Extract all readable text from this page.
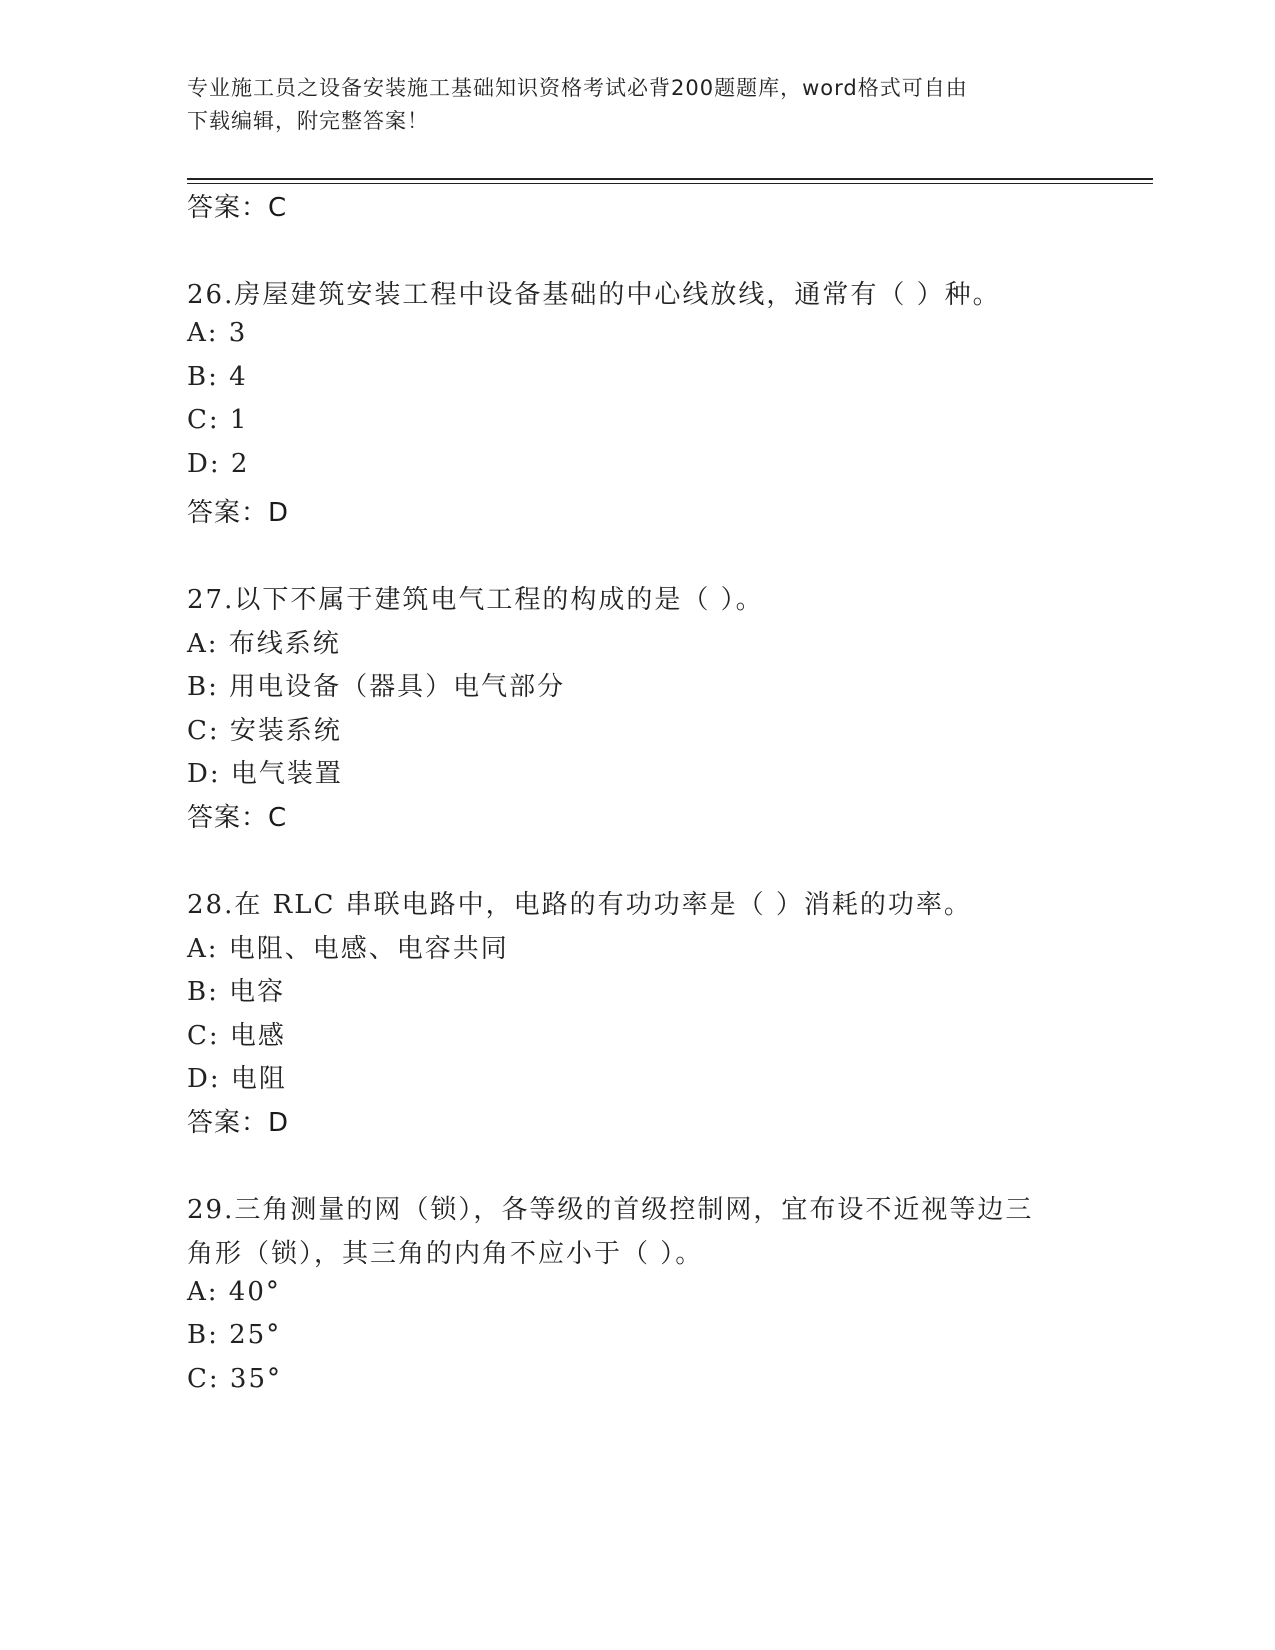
专业施工员之设备安装施工基础知识资格考试必背200题题库，word格式可自由
下载编辑，附完整答案！
答案：C
26.房屋建筑安装工程中设备基础的中心线放线，通常有（ ）种。
A: 3
B: 4
C: 1
D: 2
答案：D
27.以下不属于建筑电气工程的构成的是（ ）。
A: 布线系统
B: 用电设备（器具）电气部分
C: 安装系统
D: 电气装置
答案：C
28.在 RLC 串联电路中，电路的有功功率是（ ）消耗的功率。
A: 电阻、电感、电容共同
B: 电容
C: 电感
D: 电阻
答案：D
29.三角测量的网（锁），各等级的首级控制网，宜布设不近视等边三
角形（锁），其三角的内角不应小于（ ）。
A: 40°
B: 25°
C: 35°
